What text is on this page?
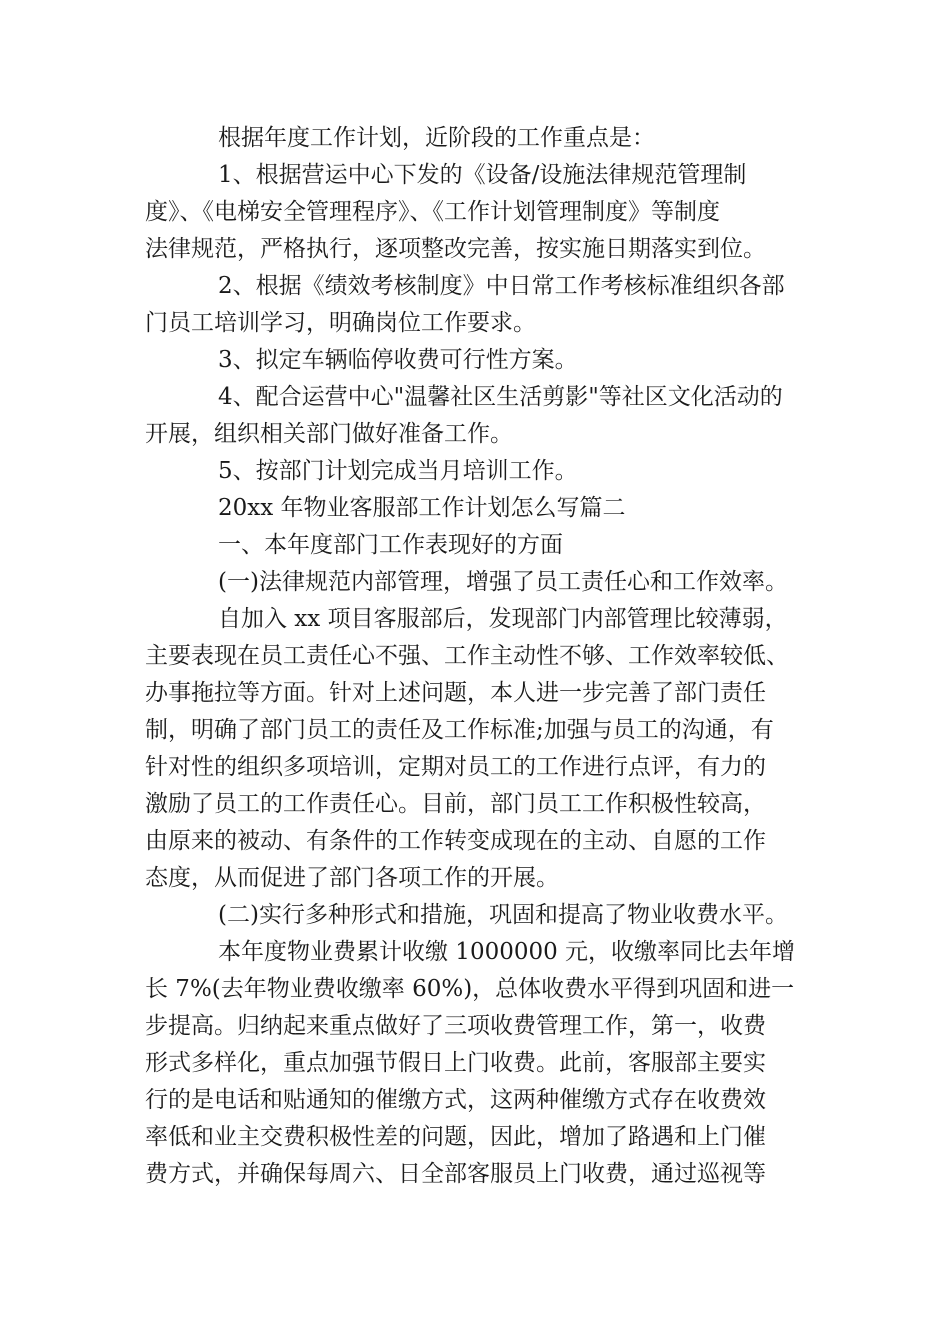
根据年度工作计划，近阶段的工作重点是：
1、根据营运中心下发的《设备/设施法律规范管理制
度》、《电梯安全管理程序》、《工作计划管理制度》等制度
法律规范，严格执行，逐项整改完善，按实施日期落实到位。
2、根据《绩效考核制度》中日常工作考核标准组织各部
门员工培训学习，明确岗位工作要求。
3、拟定车辆临停收费可行性方案。
4、配合运营中心"温馨社区生活剪影"等社区文化活动的
开展，组织相关部门做好准备工作。
5、按部门计划完成当月培训工作。
20xx 年物业客服部工作计划怎么写篇二
一、本年度部门工作表现好的方面
(一)法律规范内部管理，增强了员工责任心和工作效率。
自加入 xx 项目客服部后，发现部门内部管理比较薄弱，
主要表现在员工责任心不强、工作主动性不够、工作效率较低、
办事拖拉等方面。针对上述问题，本人进一步完善了部门责任
制，明确了部门员工的责任及工作标准;加强与员工的沟通，有
针对性的组织多项培训，定期对员工的工作进行点评，有力的
激励了员工的工作责任心。目前，部门员工工作积极性较高，
由原来的被动、有条件的工作转变成现在的主动、自愿的工作
态度，从而促进了部门各项工作的开展。
(二)实行多种形式和措施，巩固和提高了物业收费水平。
本年度物业费累计收缴 1000000 元，收缴率同比去年增
长 7%(去年物业费收缴率 60%)，总体收费水平得到巩固和进一
步提高。归纳起来重点做好了三项收费管理工作，第一，收费
形式多样化，重点加强节假日上门收费。此前，客服部主要实
行的是电话和贴通知的催缴方式，这两种催缴方式存在收费效
率低和业主交费积极性差的问题，因此，增加了路遇和上门催
费方式，并确保每周六、日全部客服员上门收费，通过巡视等
